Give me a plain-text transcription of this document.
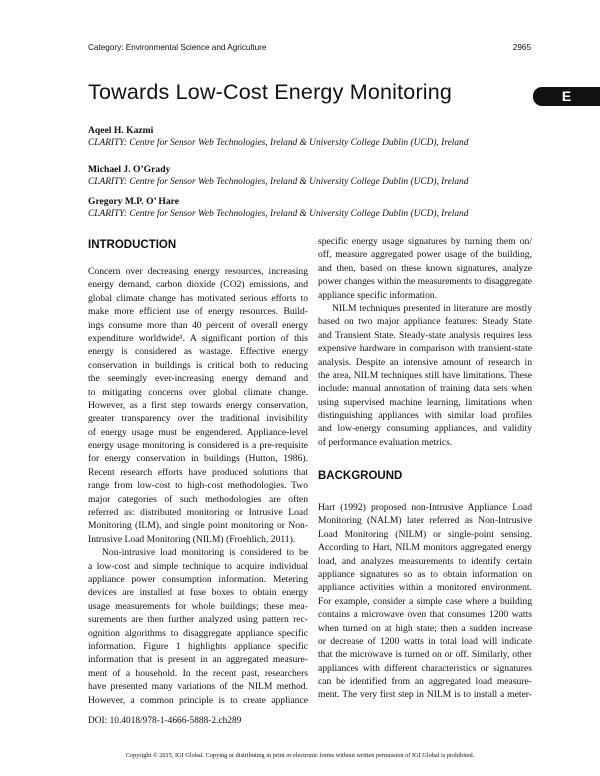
Category: Environmental Science and Agriculture	2965
Towards Low-Cost Energy Monitoring	E
Aqeel H. Kazmi
CLARITY: Centre for Sensor Web Technologies, Ireland & University College Dublin (UCD), Ireland
Michael J. O’Grady
CLARITY: Centre for Sensor Web Technologies, Ireland & University College Dublin (UCD), Ireland
Gregory M.P. O’ Hare
CLARITY: Centre for Sensor Web Technologies, Ireland & University College Dublin (UCD), Ireland
INTRODUCTION
Concern over decreasing energy resources, increasing
energy demand, carbon dioxide (CO2) emissions, and
global climate change has motivated serious efforts to
make more efficient use of energy resources. Build-
ings consume more than 40 percent of overall energy
expenditure worldwide¹. A significant portion of this
energy is considered as wastage. Effective energy
conservation in buildings is critical both to reducing
the seemingly ever-increasing energy demand and
to mitigating concerns over global climate change.
However, as a first step towards energy conservation,
greater transparency over the traditional invisibility
of energy usage must be engendered. Appliance-level
energy usage monitoring is considered is a pre-requisite
for energy conservation in buildings (Hutton, 1986).
Recent research efforts have produced solutions that
range from low-cost to high-cost methodologies. Two
major categories of such methodologies are often
referred as: distributed monitoring or Intrusive Load
Monitoring (ILM), and single point monitoring or Non-
Intrusive Load Monitoring (NILM) (Froehlich, 2011).
Non-intrusive load monitoring is considered to be
a low-cost and simple technique to acquire individual
appliance power consumption information. Metering
devices are installed at fuse boxes to obtain energy
usage measurements for whole buildings; these mea-
surements are then further analyzed using pattern rec-
ognition algorithms to disaggregate appliance specific
information. Figure 1 highlights appliance specific
information that is present in an aggregated measure-
ment of a household. In the recent past, researchers
have presented many variations of the NILM method.
However, a common principle is to create appliance
specific energy usage signatures by turning them on/
off, measure aggregated power usage of the building,
and then, based on these known signatures, analyze
power changes within the measurements to disaggregate
appliance specific information.
NILM techniques presented in literature are mostly
based on two major appliance features: Steady State
and Transient State. Steady-state analysis requires less
expensive hardware in comparison with transient-state
analysis. Despite an intensive amount of research in
the area, NILM techniques still have limitations. These
include: manual annotation of training data sets when
using supervised machine learning, limitations when
distinguishing appliances with similar load profiles
and low-energy consuming appliances, and validity
of performance evaluation metrics.
BACKGROUND
Hart (1992) proposed non-Intrusive Appliance Load
Monitoring (NALM) later referred as Non-Intrusive
Load Monitoring (NILM) or single-point sensing.
According to Hart, NILM monitors aggregated energy
load, and analyzes measurements to identify certain
appliance signatures so as to obtain information on
appliance activities within a monitored environment.
For example, consider a simple case where a building
contains a microwave oven that consumes 1200 watts
when turned on at high state; then a sudden increase
or decrease of 1200 watts in total load will indicate
that the microwave is turned on or off. Similarly, other
appliances with different characteristics or signatures
can be identified from an aggregated load measure-
ment. The very first step in NILM is to install a meter-
DOI: 10.4018/978-1-4666-5888-2.ch289
Copyright © 2015, IGI Global. Copying or distributing in print or electronic forms without written permission of IGI Global is prohibited.
